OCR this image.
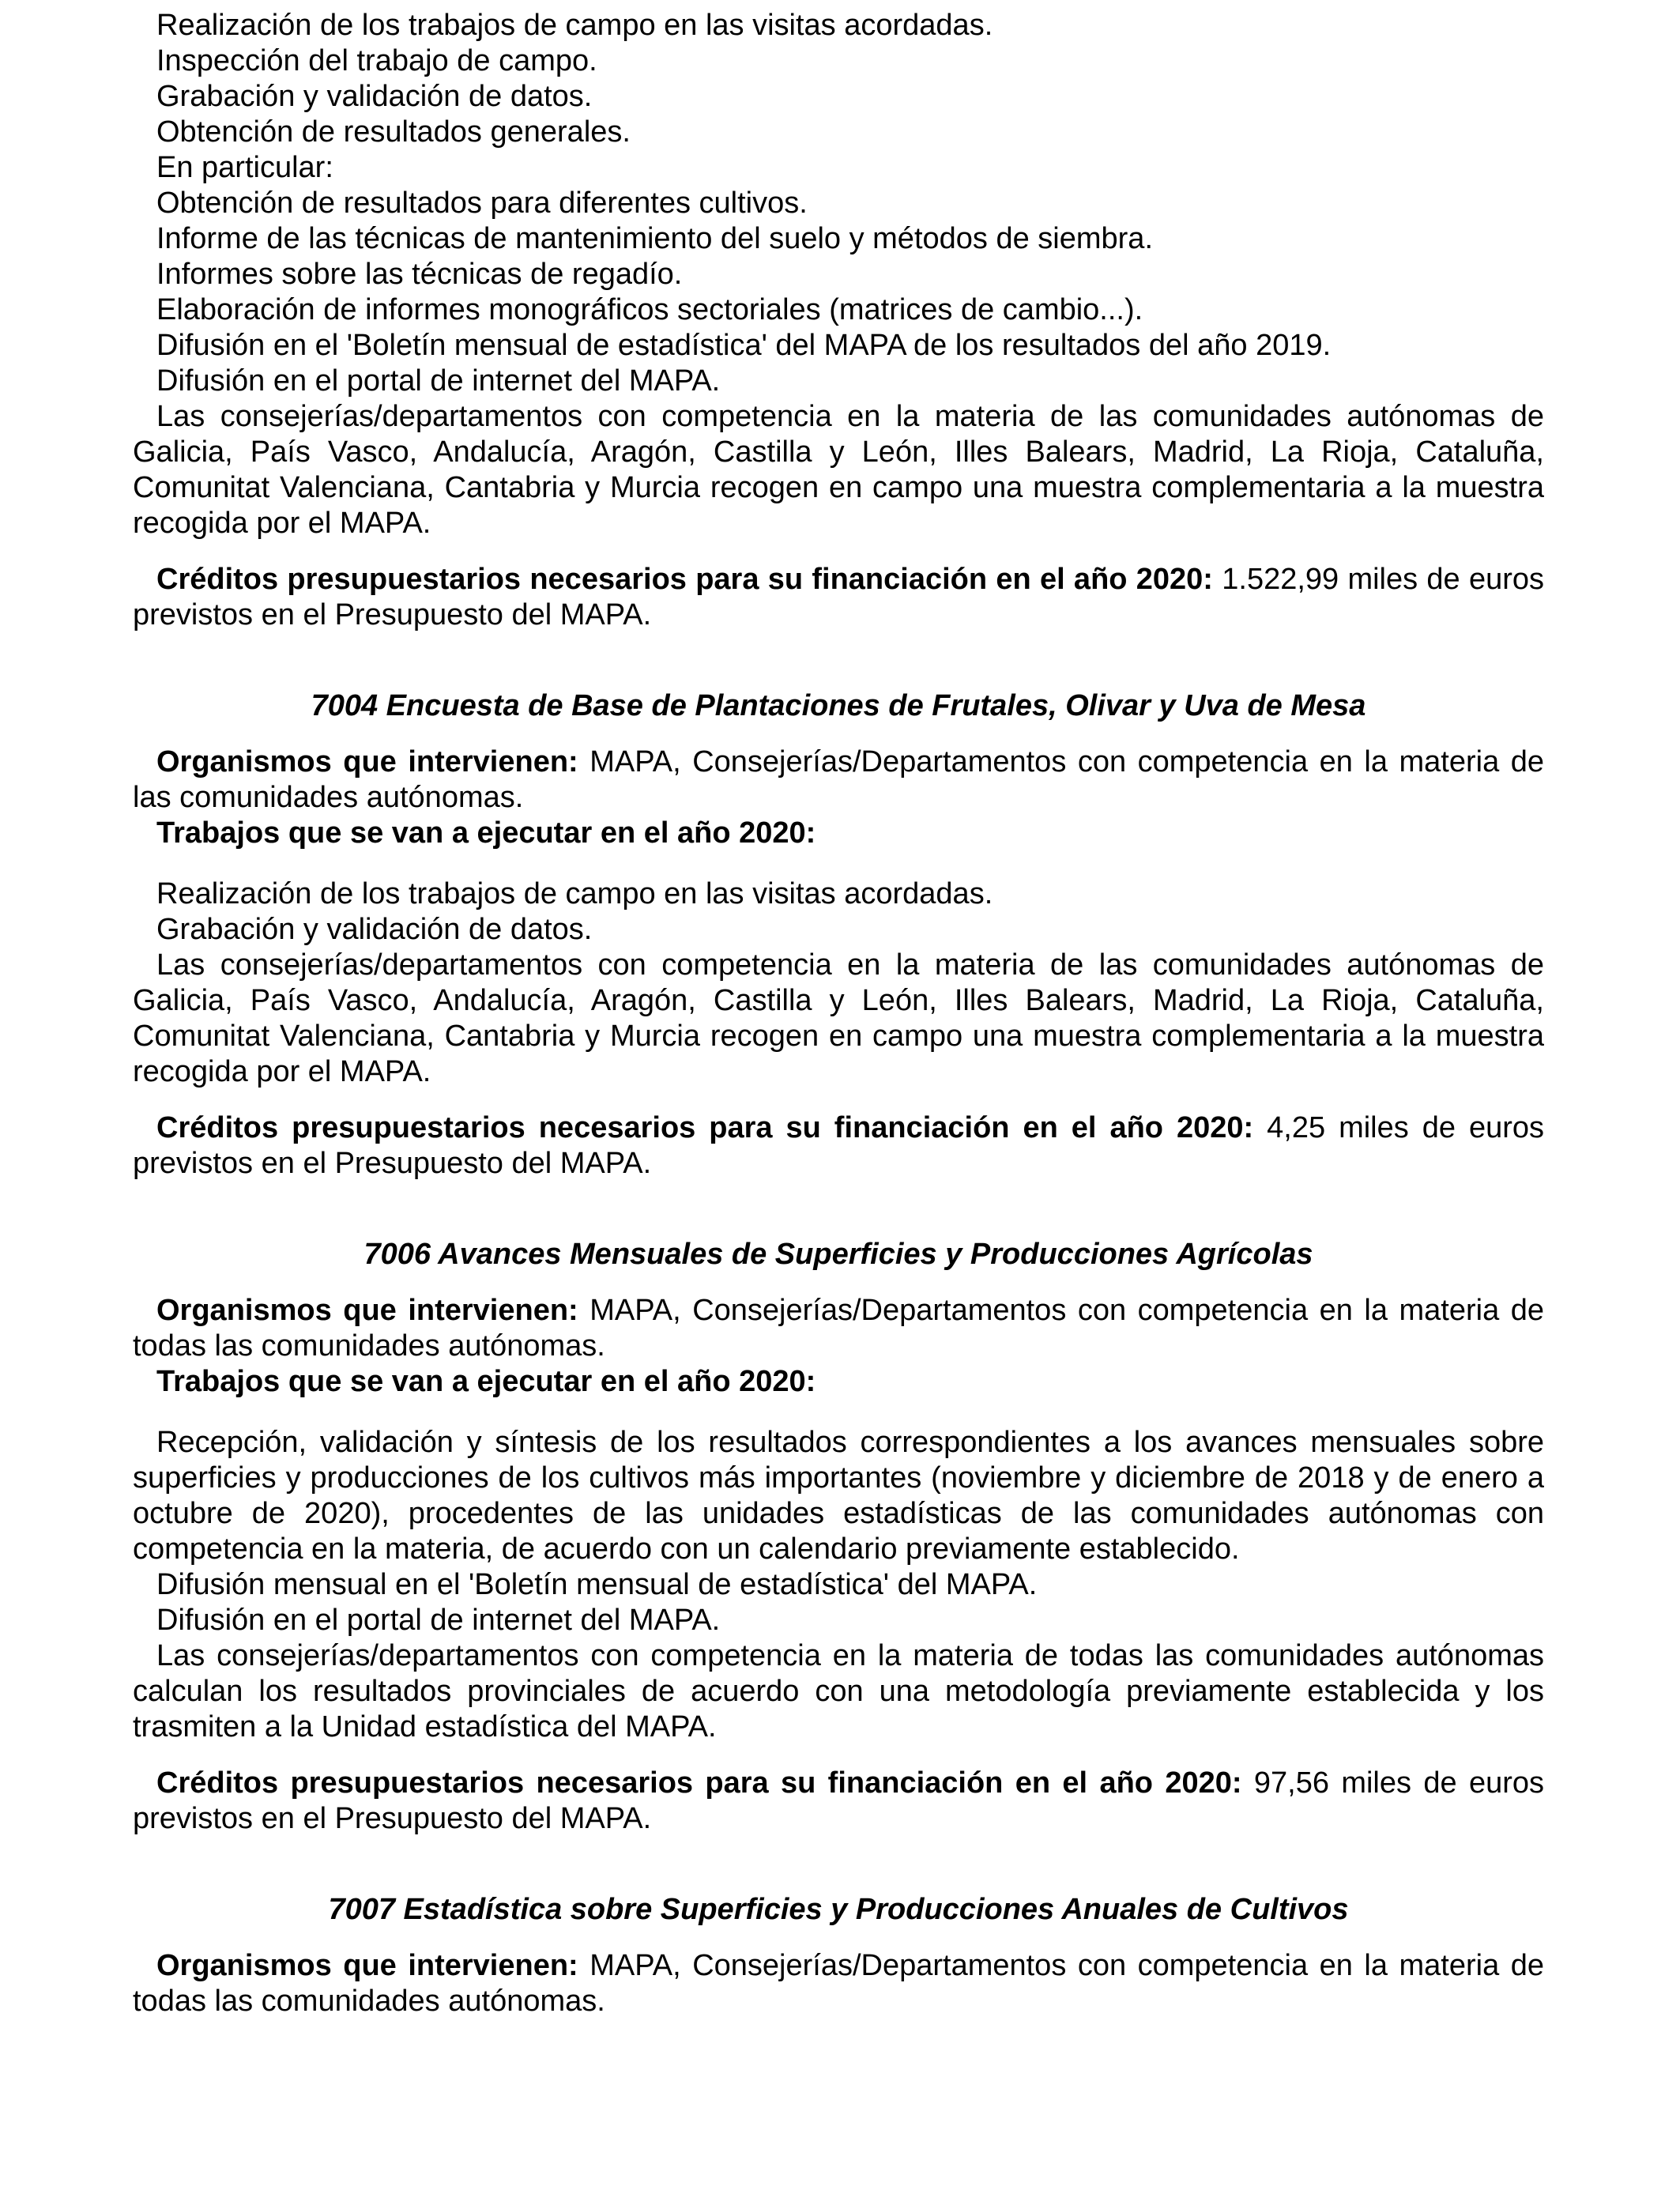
Realización de los trabajos de campo en las visitas acordadas.

Inspección del trabajo de campo.

Grabación y validación de datos.

Obtención de resultados generales.

En particular:

Obtención de resultados para diferentes cultivos.

Informe de las técnicas de mantenimiento del suelo y métodos de siembra.

Informes sobre las técnicas de regadío.

Elaboración de informes monográficos sectoriales (matrices de cambio...).

Difusión en el 'Boletín mensual de estadística' del MAPA de los resultados del año 2019.

Difusión en el portal de internet del MAPA.

Las consejerías/departamentos con competencia en la materia de las comunidades autónomas de Galicia, País Vasco, Andalucía, Aragón, Castilla y León, Illes Balears, Madrid, La Rioja, Cataluña, Comunitat Valenciana, Cantabria y Murcia recogen en campo una muestra complementaria a la muestra recogida por el MAPA.

Créditos presupuestarios necesarios para su financiación en el año 2020: 1.522,99 miles de euros previstos en el Presupuesto del MAPA.

7004 Encuesta de Base de Plantaciones de Frutales, Olivar y Uva de Mesa

Organismos que intervienen: MAPA, Consejerías/Departamentos con competencia en la materia de las comunidades autónomas.

Trabajos que se van a ejecutar en el año 2020:

Realización de los trabajos de campo en las visitas acordadas.

Grabación y validación de datos.

Las consejerías/departamentos con competencia en la materia de las comunidades autónomas de Galicia, País Vasco, Andalucía, Aragón, Castilla y León, Illes Balears, Madrid, La Rioja, Cataluña, Comunitat Valenciana, Cantabria y Murcia recogen en campo una muestra complementaria a la muestra recogida por el MAPA.

Créditos presupuestarios necesarios para su financiación en el año 2020: 4,25 miles de euros previstos en el Presupuesto del MAPA.

7006 Avances Mensuales de Superficies y Producciones Agrícolas

Organismos que intervienen: MAPA, Consejerías/Departamentos con competencia en la materia de todas las comunidades autónomas.

Trabajos que se van a ejecutar en el año 2020:

Recepción, validación y síntesis de los resultados correspondientes a los avances mensuales sobre superficies y producciones de los cultivos más importantes (noviembre y diciembre de 2018 y de enero a octubre de 2020), procedentes de las unidades estadísticas de las comunidades autónomas con competencia en la materia, de acuerdo con un calendario previamente establecido.

Difusión mensual en el 'Boletín mensual de estadística' del MAPA.

Difusión en el portal de internet del MAPA.

Las consejerías/departamentos con competencia en la materia de todas las comunidades autónomas calculan los resultados provinciales de acuerdo con una metodología previamente establecida y los trasmiten a la Unidad estadística del MAPA.

Créditos presupuestarios necesarios para su financiación en el año 2020: 97,56 miles de euros previstos en el Presupuesto del MAPA.

7007 Estadística sobre Superficies y Producciones Anuales de Cultivos

Organismos que intervienen: MAPA, Consejerías/Departamentos con competencia en la materia de todas las comunidades autónomas.
